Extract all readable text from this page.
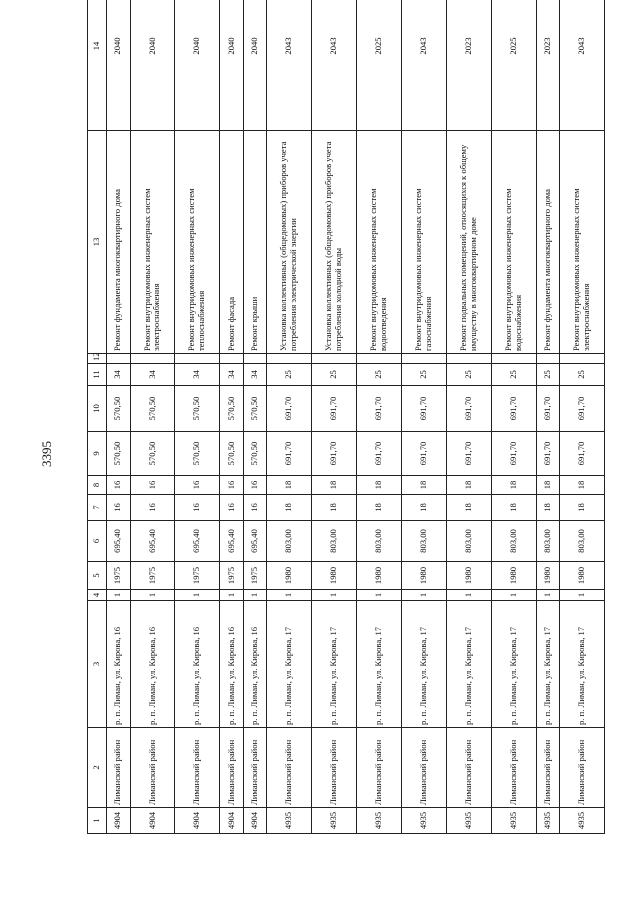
3395
1	2	3	4	5	6	7	8	9	10	11	12	13	14
4904	Лиманский район	р. п. Лиман, ул. Кирова, 16	1	1975	695,40	16	16	570,50	570,50	34		Ремонт фундамента многоквартирного дома	2040
4904	Лиманский район	р. п. Лиман, ул. Кирова, 16	1	1975	695,40	16	16	570,50	570,50	34		Ремонт внутридомовых инженерных систем электроснабжения	2040
4904	Лиманский район	р. п. Лиман, ул. Кирова, 16	1	1975	695,40	16	16	570,50	570,50	34		Ремонт внутридомовых инженерных систем теплоснабжения	2040
4904	Лиманский район	р. п. Лиман, ул. Кирова, 16	1	1975	695,40	16	16	570,50	570,50	34		Ремонт фасада	2040
4904	Лиманский район	р. п. Лиман, ул. Кирова, 16	1	1975	695,40	16	16	570,50	570,50	34		Ремонт крыши	2040
4935	Лиманский район	р. п. Лиман, ул. Кирова, 17	1	1980	803,00	18	18	691,70	691,70	25		Установка коллективных (общедомовых) приборов учета потребления электрической энергии	2043
4935	Лиманский район	р. п. Лиман, ул. Кирова, 17	1	1980	803,00	18	18	691,70	691,70	25		Установка коллективных (общедомовых) приборов учета потребления холодной воды	2043
4935	Лиманский район	р. п. Лиман, ул. Кирова, 17	1	1980	803,00	18	18	691,70	691,70	25		Ремонт внутридомовых инженерных систем водоотведения	2025
4935	Лиманский район	р. п. Лиман, ул. Кирова, 17	1	1980	803,00	18	18	691,70	691,70	25		Ремонт внутридомовых инженерных систем газоснабжения	2043
4935	Лиманский район	р. п. Лиман, ул. Кирова, 17	1	1980	803,00	18	18	691,70	691,70	25		Ремонт подвальных помещений, относящихся к общему имуществу в многоквартирном доме	2023
4935	Лиманский район	р. п. Лиман, ул. Кирова, 17	1	1980	803,00	18	18	691,70	691,70	25		Ремонт внутридомовых инженерных систем водоснабжения	2025
4935	Лиманский район	р. п. Лиман, ул. Кирова, 17	1	1980	803,00	18	18	691,70	691,70	25		Ремонт фундамента многоквартирного дома	2023
4935	Лиманский район	р. п. Лиман, ул. Кирова, 17	1	1980	803,00	18	18	691,70	691,70	25		Ремонт внутридомовых инженерных систем электроснабжения	2043
